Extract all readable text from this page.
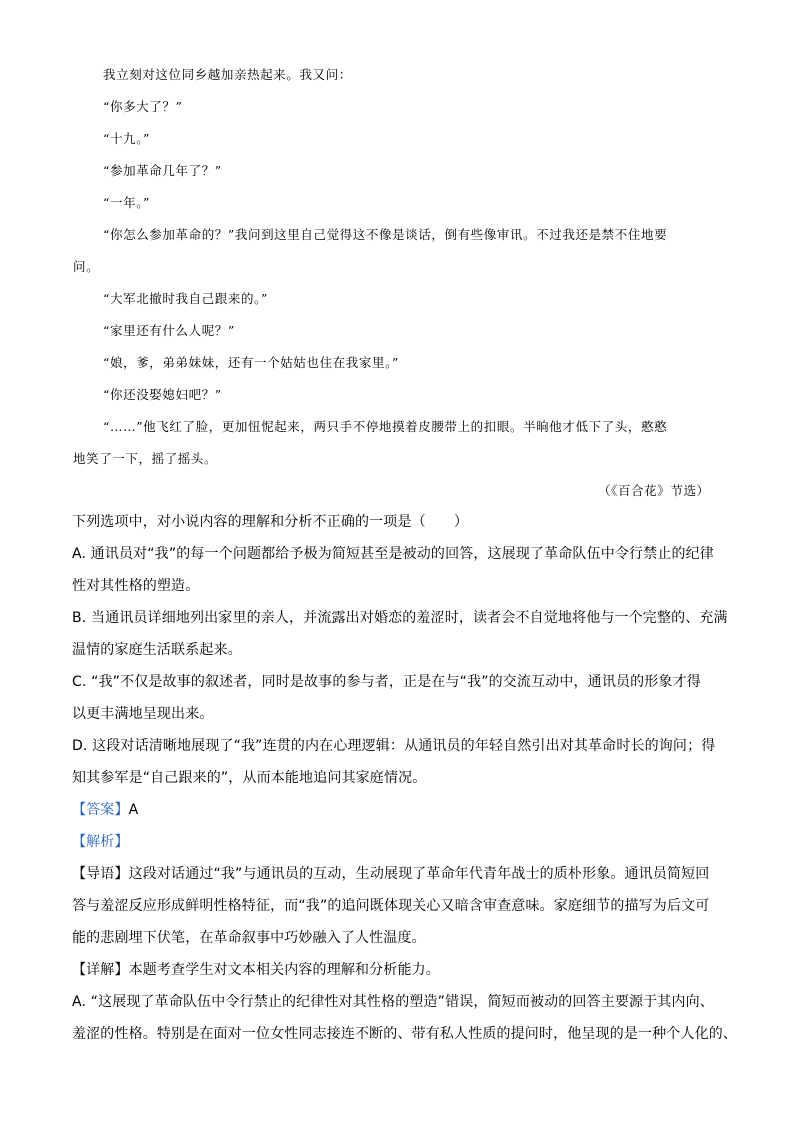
我立刻对这位同乡越加亲热起来。我又问：
“你多大了？”
“十九。”
“参加革命几年了？”
“一年。”
“你怎么参加革命的？”我问到这里自己觉得这不像是谈话，倒有些像审讯。不过我还是禁不住地要
问。
“大军北撤时我自己跟来的。”
“家里还有什么人呢？”
“娘，爹，弟弟妹妹，还有一个姑姑也住在我家里。”
“你还没娶媳妇吧？”
“……”他飞红了脸，更加忸怩起来，两只手不停地摸着皮腰带上的扣眼。半晌他才低下了头，憨憨
地笑了一下，摇了摇头。
（《百合花》节选）
下列选项中，对小说内容的理解和分析不正确的一项是（　　）
A. 通讯员对“我”的每一个问题都给予极为简短甚至是被动的回答，这展现了革命队伍中令行禁止的纪律
性对其性格的塑造。
B. 当通讯员详细地列出家里的亲人，并流露出对婚恋的羞涩时，读者会不自觉地将他与一个完整的、充满
温情的家庭生活联系起来。
C. “我”不仅是故事的叙述者，同时是故事的参与者，正是在与“我”的交流互动中，通讯员的形象才得
以更丰满地呈现出来。
D. 这段对话清晰地展现了“我”连贯的内在心理逻辑：从通讯员的年轻自然引出对其革命时长的询问；得
知其参军是“自己跟来的”，从而本能地追问其家庭情况。
【答案】A
【解析】
【导语】这段对话通过“我”与通讯员的互动，生动展现了革命年代青年战士的质朴形象。通讯员简短回
答与羞涩反应形成鲜明性格特征，而“我”的追问既体现关心又暗含审查意味。家庭细节的描写为后文可
能的悲剧埋下伏笔，在革命叙事中巧妙融入了人性温度。
【详解】本题考查学生对文本相关内容的理解和分析能力。
A. “这展现了革命队伍中令行禁止的纪律性对其性格的塑造”错误，简短而被动的回答主要源于其内向、
羞涩的性格。特别是在面对一位女性同志接连不断的、带有私人性质的提问时，他呈现的是一种个人化的、
